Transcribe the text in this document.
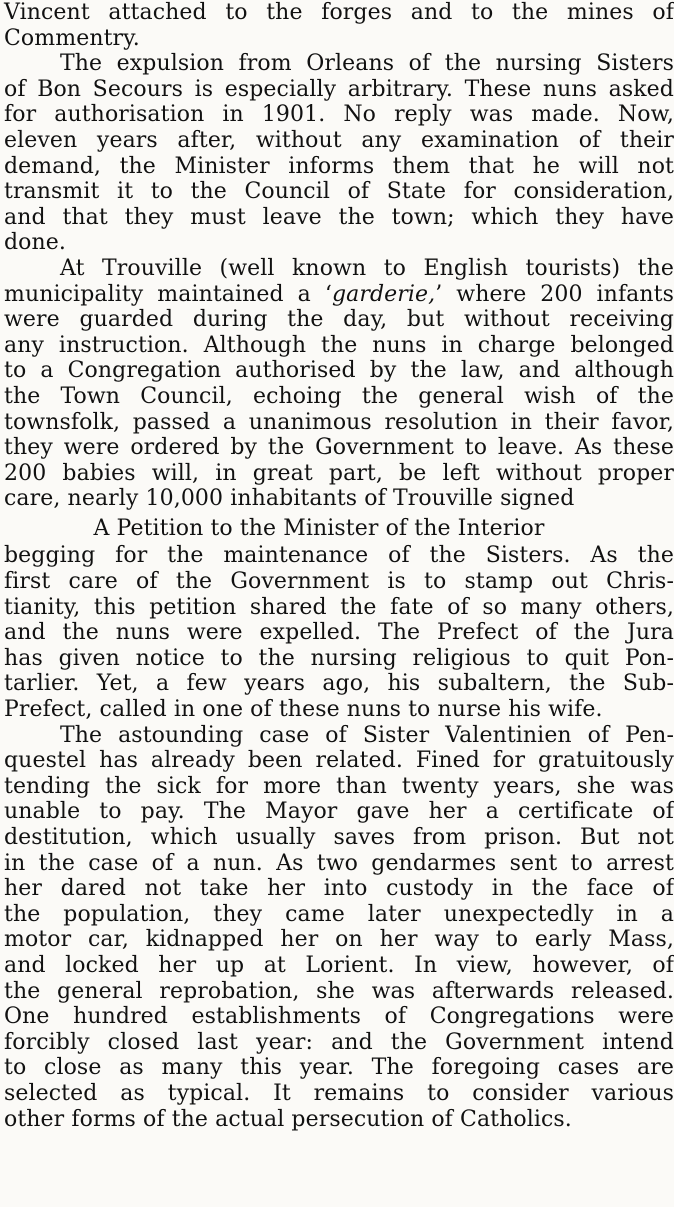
Vincent attached to the forges and to the mines of
Commentry.
The expulsion from Orleans of the nursing Sisters
of Bon Secours is especially arbitrary. These nuns asked
for authorisation in 1901. No reply was made. Now,
eleven years after, without any examination of their
demand, the Minister informs them that he will not
transmit it to the Council of State for consideration,
and that they must leave the town; which they have
done.
At Trouville (well known to English tourists) the
municipality maintained a ‘garderie,’ where 200 infants
were guarded during the day, but without receiving
any instruction. Although the nuns in charge belonged
to a Congregation authorised by the law, and although
the Town Council, echoing the general wish of the
townsfolk, passed a unanimous resolution in their favor,
they were ordered by the Government to leave. As these
200 babies will, in great part, be left without proper
care, nearly 10,000 inhabitants of Trouville signed
A Petition to the Minister of the Interior
begging for the maintenance of the Sisters. As the
first care of the Government is to stamp out Chris-
tianity, this petition shared the fate of so many others,
and the nuns were expelled. The Prefect of the Jura
has given notice to the nursing religious to quit Pon-
tarlier. Yet, a few years ago, his subaltern, the Sub-
Prefect, called in one of these nuns to nurse his wife.
The astounding case of Sister Valentinien of Pen-
questel has already been related. Fined for gratuitously
tending the sick for more than twenty years, she was
unable to pay. The Mayor gave her a certificate of
destitution, which usually saves from prison. But not
in the case of a nun. As two gendarmes sent to arrest
her dared not take her into custody in the face of
the population, they came later unexpectedly in a
motor car, kidnapped her on her way to early Mass,
and locked her up at Lorient. In view, however, of
the general reprobation, she was afterwards released.
One hundred establishments of Congregations were
forcibly closed last year: and the Government intend
to close as many this year. The foregoing cases are
selected as typical. It remains to consider various
other forms of the actual persecution of Catholics.
